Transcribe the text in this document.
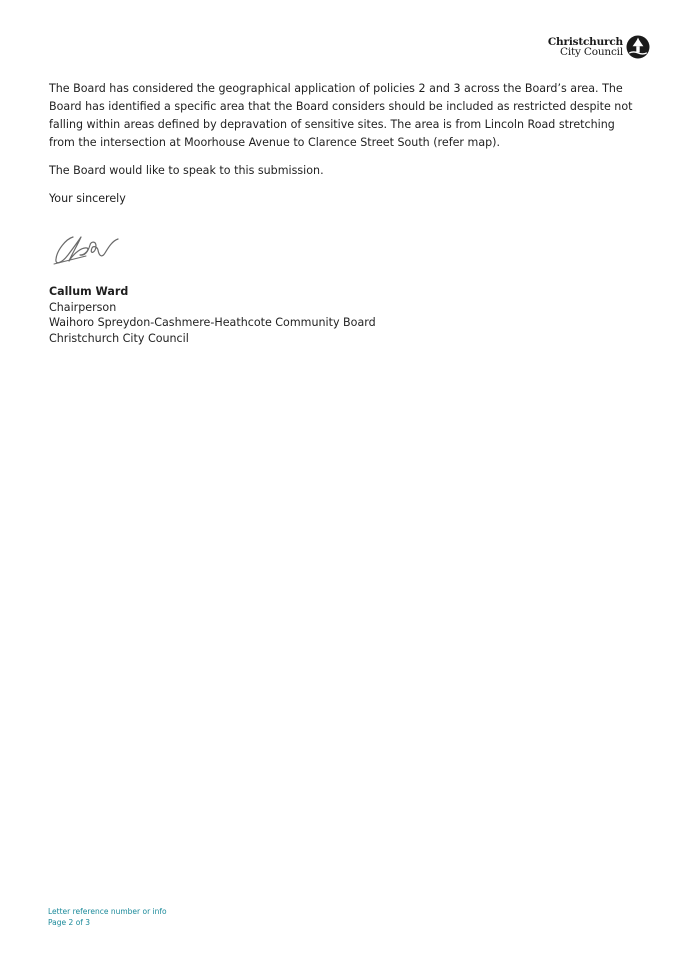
Christchurch
City Council

The Board has considered the geographical application of policies 2 and 3 across the Board’s area. The Board has identified a specific area that the Board considers should be included as restricted despite not falling within areas defined by depravation of sensitive sites. The area is from Lincoln Road stretching from the intersection at Moorhouse Avenue to Clarence Street South (refer map).

The Board would like to speak to this submission.

Your sincerely

Callum Ward
Chairperson
Waihoro Spreydon-Cashmere-Heathcote Community Board
Christchurch City Council
Letter reference number or info
Page 2 of 3
